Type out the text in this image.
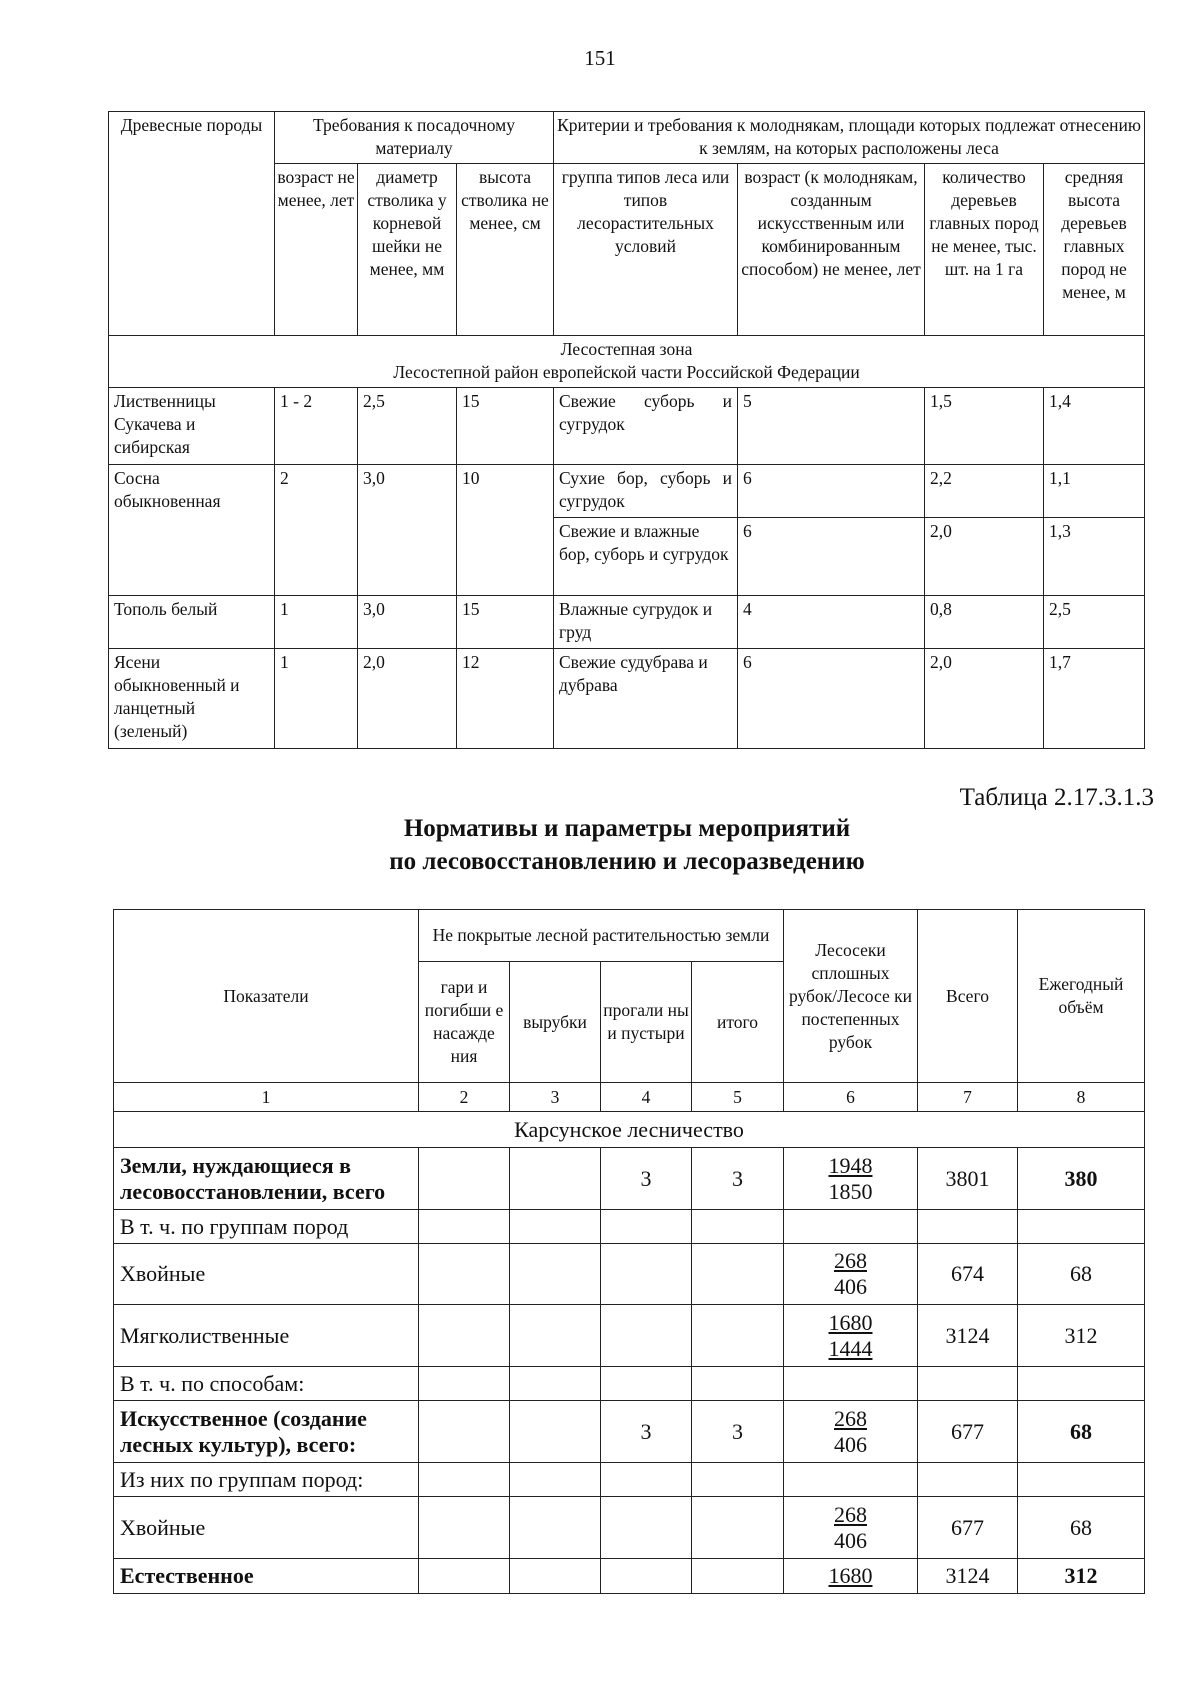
151
Древесные породы	Требования к посадочному материалу			Критерии и требования к молоднякам, площади которых подлежат отнесению к землям, на которых расположены леса			
	возраст не менее, лет	диаметр стволика у корневой шейки не менее, мм	высота стволика не менее, см	группа типов леса или типов лесорастительных условий	возраст (к молоднякам, созданным искусственным или комбинированным способом) не менее, лет	количество деревьев главных пород не менее, тыс. шт. на 1 га	средняя высота деревьев главных пород не менее, м

Лесостепная зона
Лесостепной район европейской части Российской Федерации							

Лиственницы Сукачева и сибирская	1 - 2	2,5	15	Свежие суборь и сугрудок	5	1,5	1,4
Сосна обыкновенная	2	3,0	10	Сухие бор, суборь и сугрудок	6	2,2	1,1
				Свежие и влажные бор, суборь и сугрудок	6	2,0	1,3
Тополь белый	1	3,0	15	Влажные сугрудок и груд	4	0,8	2,5
Ясени обыкновенный и ланцетный (зеленый)	1	2,0	12	Свежие судубрава и дубрава	6	2,0	1,7
Таблица 2.17.3.1.3
Нормативы и параметры мероприятий
по лесовосстановлению и лесоразведению
Показатели	Не покрытые лесной растительностью земли				Лесосеки сплошных рубок/Лесосе ки постепенных рубок	Всего	Ежегодный объём
	гари и погибши е насажде ния	вырубки	прогали ны и пустыри	итого			
1	2	3	4	5	6	7	8
Карсунское лесничество							
Земли, нуждающиеся в лесовосстановлении, всего			3	3	$\frac{1948}{1850}$	3801	380
В т. ч. по группам пород							
Хвойные					$\frac{268}{406}$	674	68
Мягколиственные					$\frac{1680}{1444}$	3124	312
В т. ч. по способам:							
Искусственное (создание лесных культур), всего:			3	3	$\frac{268}{406}$	677	68
Из них по группам пород:							
Хвойные					$\frac{268}{406}$	677	68
Естественное					1680	3124	312
